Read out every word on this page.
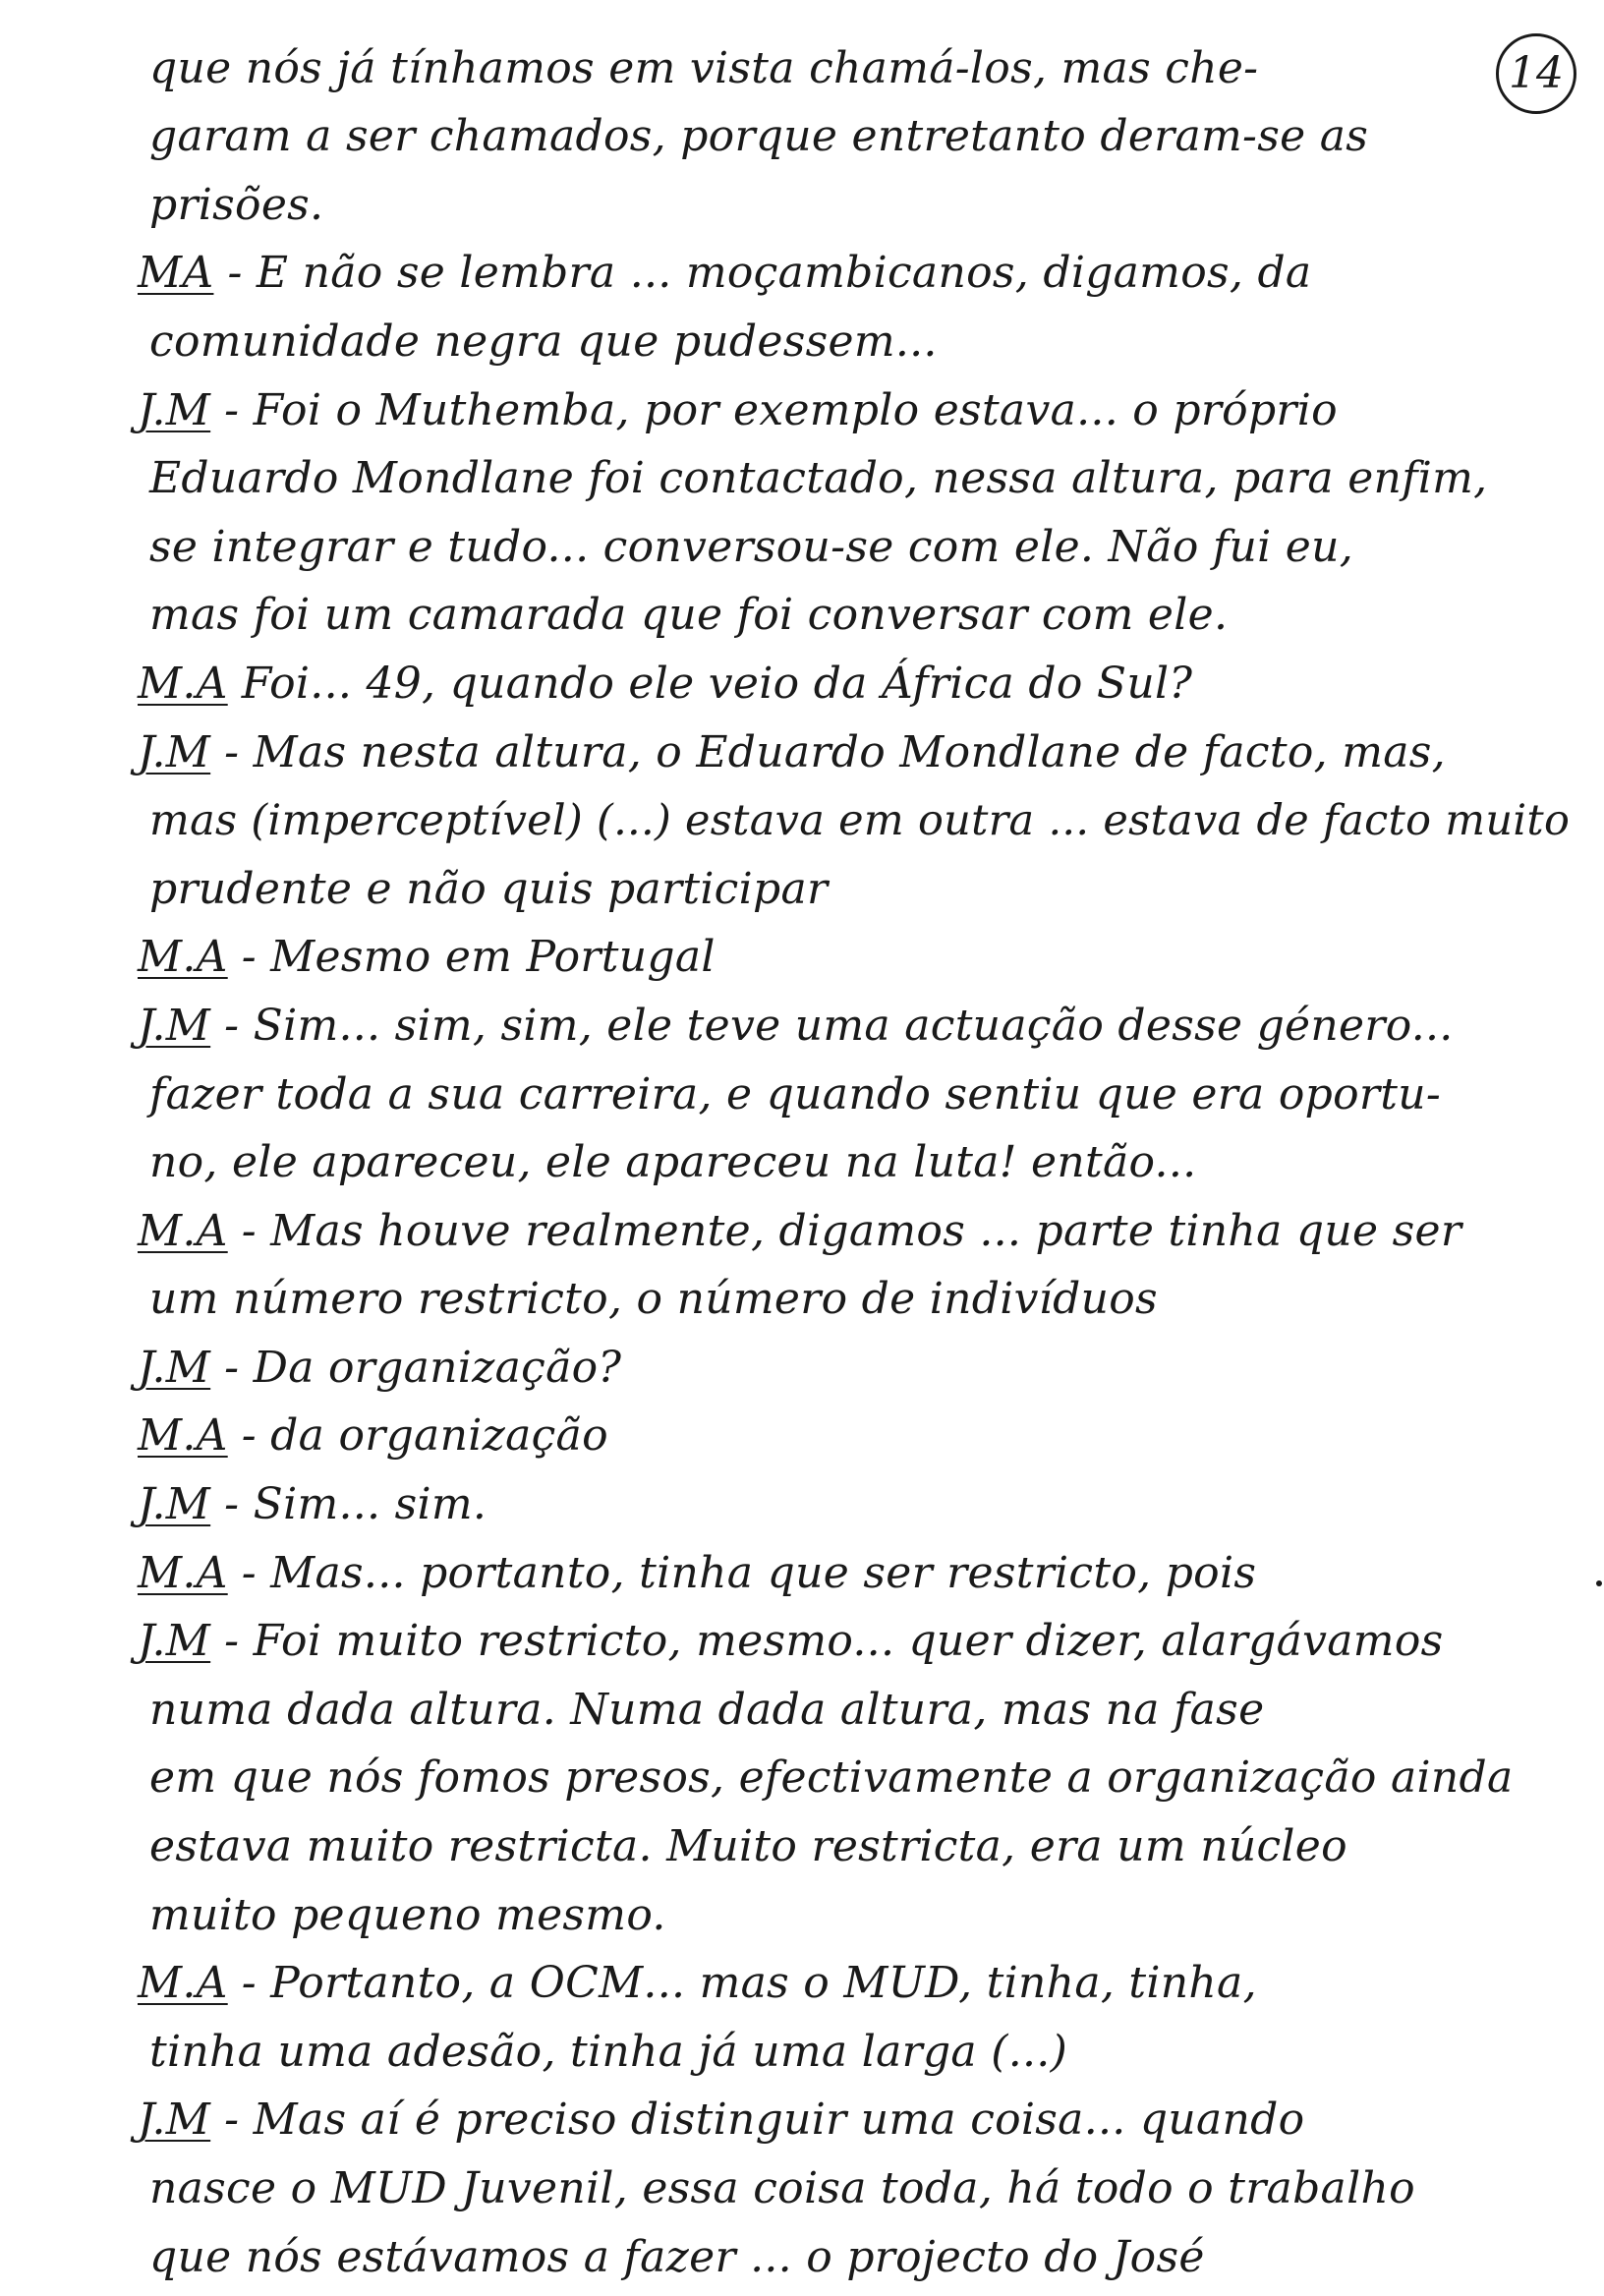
14
que nós já tínhamos em vista chamá-los, mas che-
garam a ser chamados, porque entretanto deram-se as
prisões.
MA - E não se lembra ... moçambicanos, digamos, da
comunidade negra que pudessem...
J.M - Foi o Muthemba, por exemplo estava... o próprio
Eduardo Mondlane foi contactado, nessa altura, para enfim,
se integrar e tudo... conversou-se com ele. Não fui eu,
mas foi um camarada que foi conversar com ele.
M.A Foi... 49, quando ele veio da África do Sul?
J.M - Mas nesta altura, o Eduardo Mondlane de facto, mas,
mas (imperceptível) (...) estava em outra ... estava de facto muito
prudente e não quis participar
M.A - Mesmo em Portugal
J.M - Sim... sim, sim, ele teve uma actuação desse género...
fazer toda a sua carreira, e quando sentiu que era oportu-
no, ele apareceu, ele apareceu na luta! então...
M.A - Mas houve realmente, digamos ... parte tinha que ser
um número restricto, o número de indivíduos
J.M - Da organização?
M.A - da organização
J.M - Sim... sim.
M.A - Mas... portanto, tinha que ser restricto, pois
J.M - Foi muito restricto, mesmo... quer dizer, alargávamos
numa dada altura. Numa dada altura, mas na fase
em que nós fomos presos, efectivamente a organização ainda
estava muito restricta. Muito restricta, era um núcleo
muito pequeno mesmo.
M.A - Portanto, a OCM... mas o MUD, tinha, tinha,
tinha uma adesão, tinha já uma larga (...)
J.M - Mas aí é preciso distinguir uma coisa... quando
nasce o MUD Juvenil, essa coisa toda, há todo o trabalho
que nós estávamos a fazer ... o projecto do José
